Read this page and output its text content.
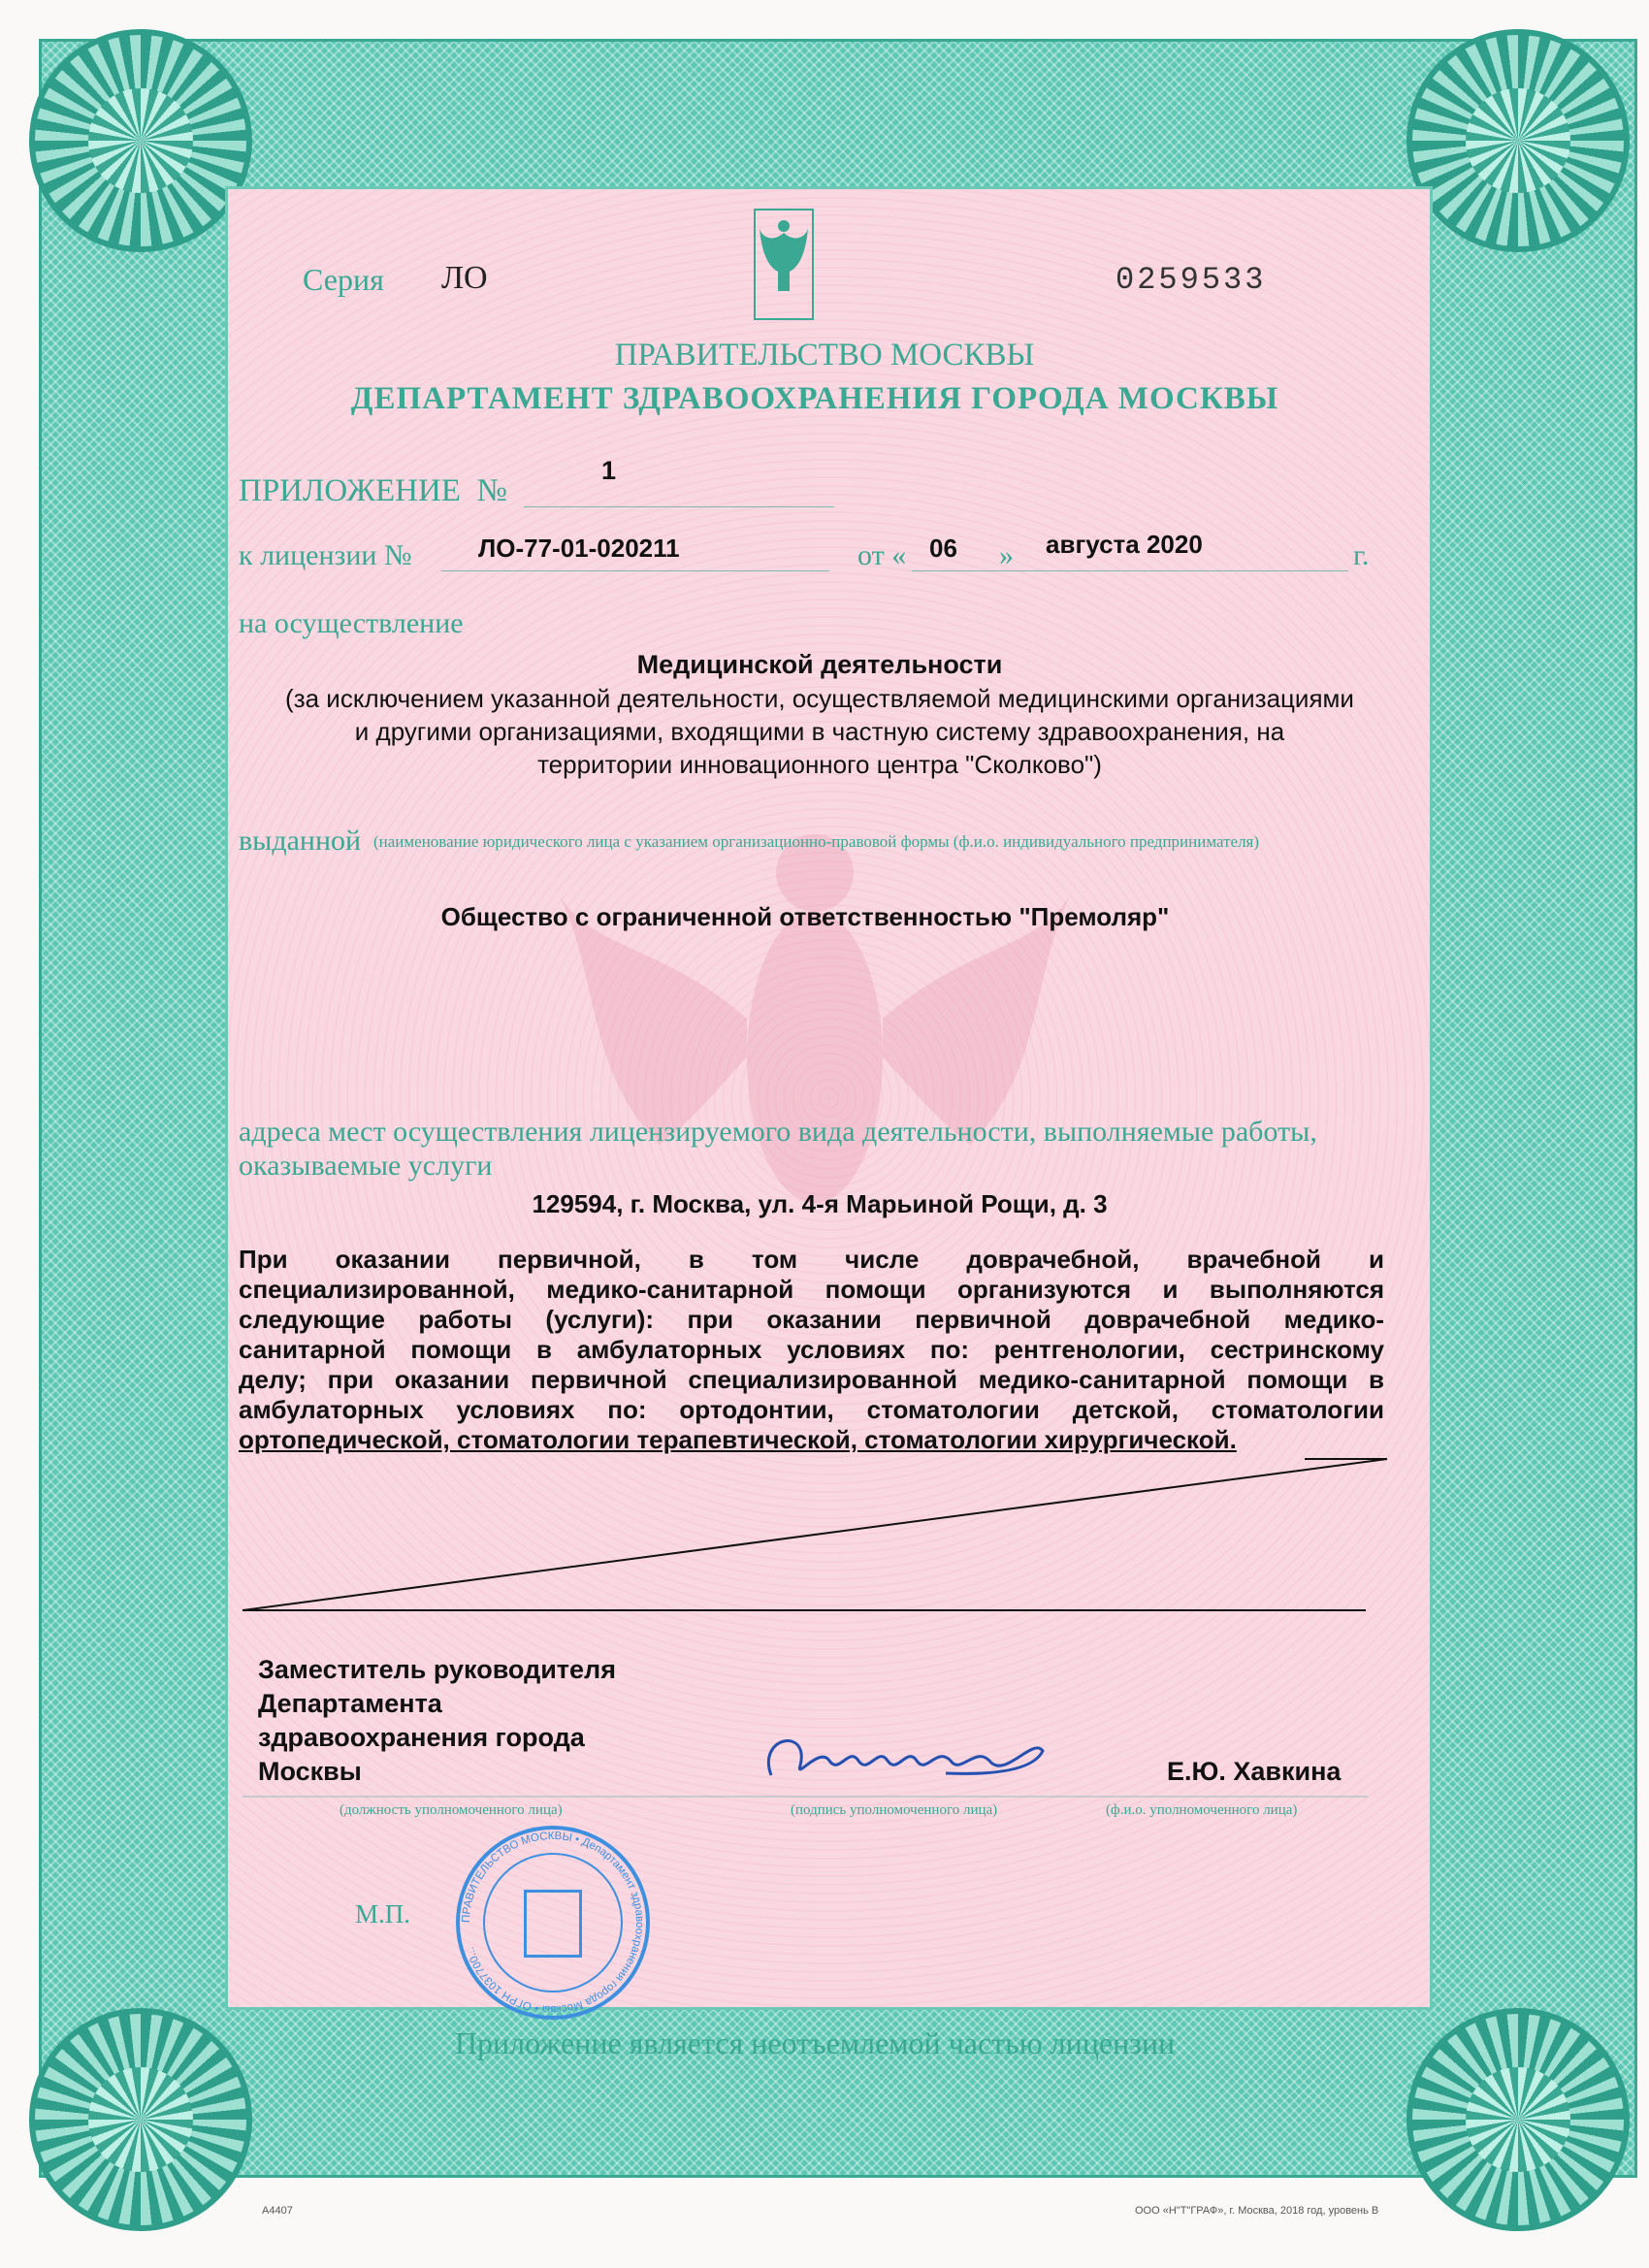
Серия ЛО	0259533
ПРАВИТЕЛЬСТВО МОСКВЫ
ДЕПАРТАМЕНТ ЗДРАВООХРАНЕНИЯ ГОРОДА МОСКВЫ
ПРИЛОЖЕНИЕ  №
1
к лицензии №	ЛО-77-01-020211	от « 06 » августа 2020	г.
на осуществление
Медицинской деятельности
(за исключением указанной деятельности, осуществляемой медицинскими организациями
и другими организациями, входящими в частную систему здравоохранения, на
территории инновационного центра "Сколково")
выданной (наименование юридического лица с указанием организационно-правовой формы (ф.и.о. индивидуального предпринимателя)
Общество с ограниченной ответственностью "Премоляр"
адреса мест осуществления лицензируемого вида деятельности, выполняемые работы,
оказываемые услуги
129594, г. Москва, ул. 4-я Марьиной Рощи, д. 3
При оказании первичной, в том числе доврачебной, врачебной и
специализированной, медико-санитарной помощи организуются и выполняются
следующие работы (услуги): при оказании первичной доврачебной медико-
санитарной помощи в амбулаторных условиях по: рентгенологии, сестринскому
делу; при оказании первичной специализированной медико-санитарной помощи в
амбулаторных условиях по: ортодонтии, стоматологии детской, стоматологии
ортопедической, стоматологии терапевтической, стоматологии хирургической.
Заместитель руководителя
Департамента
здравоохранения города
Москвы	Е.Ю. Хавкина
(должность уполномоченного лица)	(подпись уполномоченного лица)	(ф.и.о. уполномоченного лица)
М.П.	ПРАВИТЕЛЬСТВО МОСКВЫ • Департамент здравоохранения города Москвы • ОГРН 1037700...
Приложение является неотъемлемой частью лицензии
А4407	ООО «Н"Т"ГРАФ», г. Москва, 2018 год, уровень В
